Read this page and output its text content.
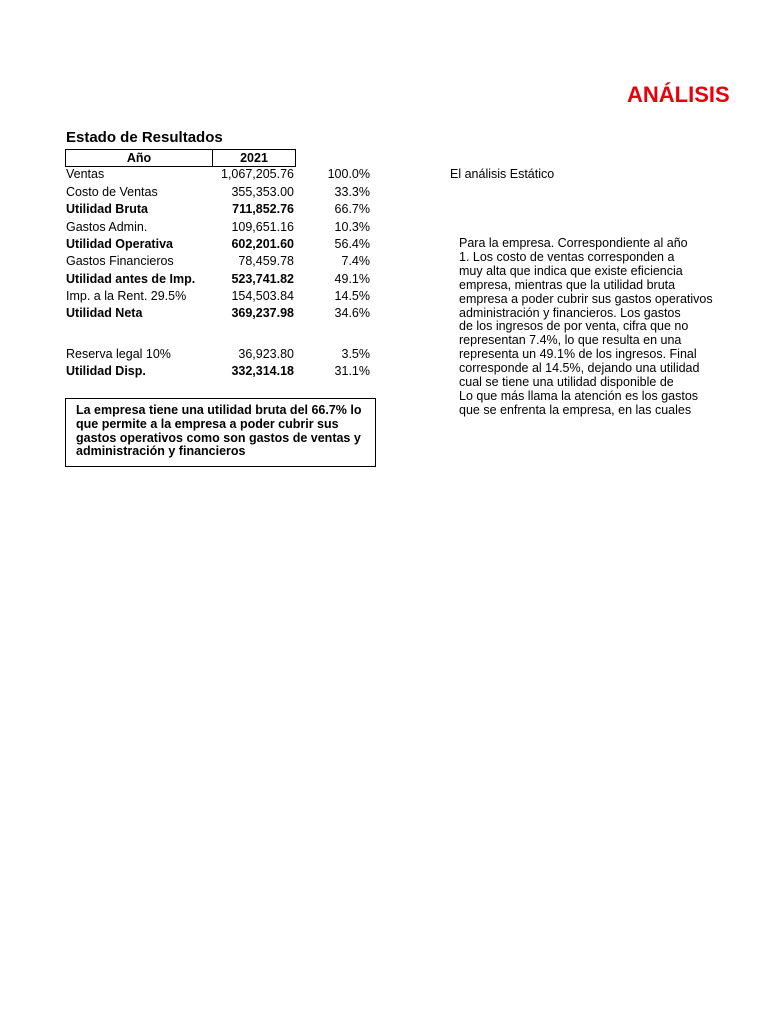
ANÁLISIS
Estado de Resultados
Año	2021
Ventas	1,067,205.76	100.0%
Costo de Ventas	355,353.00	33.3%
Utilidad Bruta	711,852.76	66.7%
Gastos Admin.	109,651.16	10.3%
Utilidad Operativa	602,201.60	56.4%
Gastos Financieros	78,459.78	7.4%
Utilidad antes de Imp.	523,741.82	49.1%
Imp. a la Rent. 29.5%	154,503.84	14.5%
Utilidad Neta	369,237.98	34.6%
Reserva legal 10%	36,923.80	3.5%
Utilidad Disp.	332,314.18	31.1%
La empresa tiene una utilidad bruta del 66.7% lo que permite a la empresa a poder cubrir sus gastos operativos como son gastos de ventas y administración y financieros
El análisis Estático
Para la empresa. Correspondiente al año
1. Los costo de ventas corresponden a
muy alta que indica que existe eficiencia
empresa, mientras que la utilidad bruta
empresa a poder cubrir sus gastos operativos
administración y financieros. Los gastos
de los ingresos de por venta, cifra que no
representan 7.4%, lo que resulta en una
representa un 49.1% de los ingresos. Final
corresponde al 14.5%, dejando una utilidad
cual se tiene una utilidad disponible de
Lo que más llama la atención es los gastos
que se enfrenta la empresa, en las cuales
